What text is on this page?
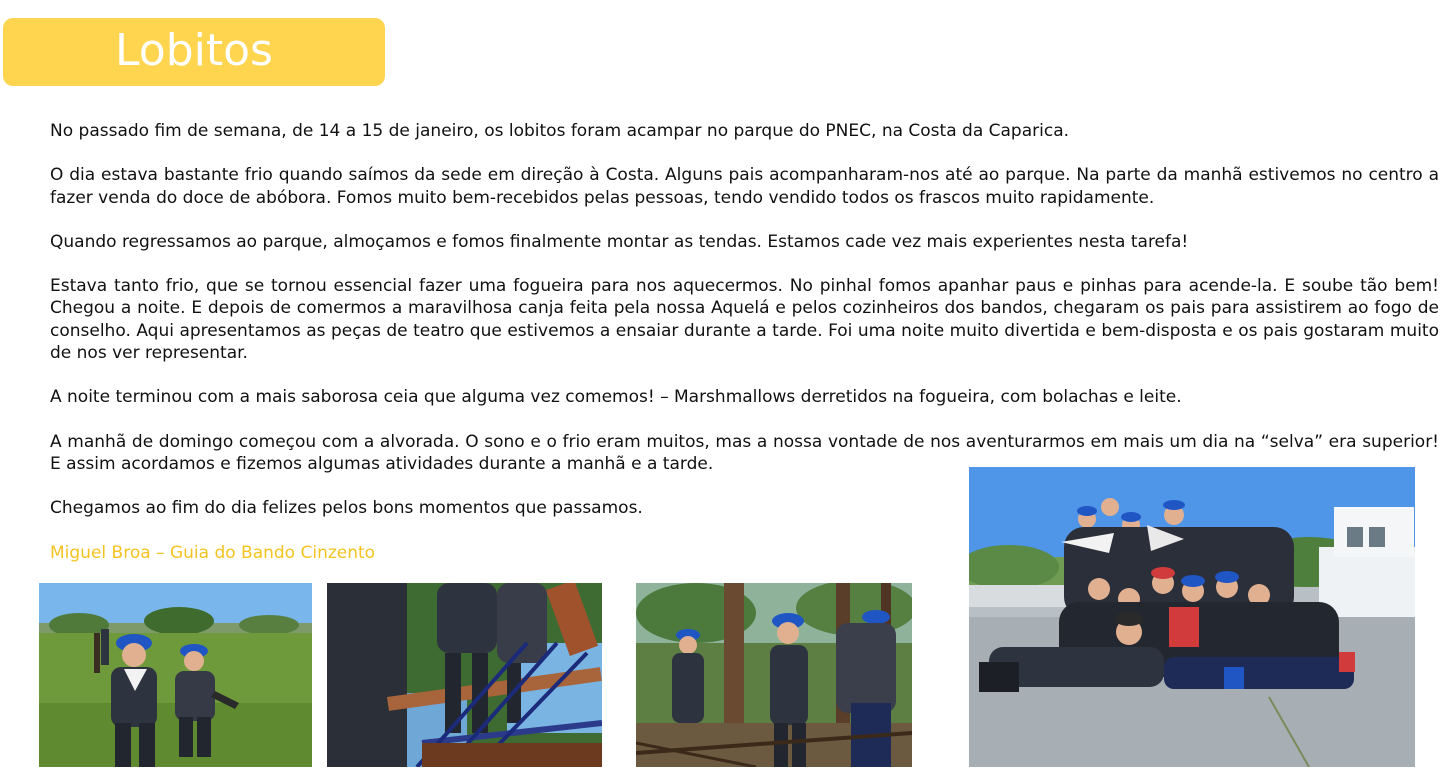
Lobitos

No passado fim de semana, de 14 a 15 de janeiro, os lobitos foram acampar no parque do PNEC, na Costa da Caparica.

O dia estava bastante frio quando saímos da sede em direção à Costa. Alguns pais acompanharam-nos até ao parque. Na parte da manhã estivemos no centro a fazer venda do doce de abóbora. Fomos muito bem-recebidos pelas pessoas, tendo vendido todos os frascos muito rapidamente.

Quando regressamos ao parque, almoçamos e fomos finalmente montar as tendas. Estamos cade vez mais experientes nesta tarefa!

Estava tanto frio, que se tornou essencial fazer uma fogueira para nos aquecermos. No pinhal fomos apanhar paus e pinhas para acende-la. E soube tão bem! Chegou a noite. E depois de comermos a maravilhosa canja feita pela nossa Aquelá e pelos cozinheiros dos bandos, chegaram os pais para assistirem ao fogo de conselho. Aqui apresentamos as peças de teatro que estivemos a ensaiar durante a tarde. Foi uma noite muito divertida e bem-disposta e os pais gostaram muito de nos ver representar.

A noite terminou com a mais saborosa ceia que alguma vez comemos! – Marshmallows derretidos na fogueira, com bolachas e leite.

A manhã de domingo começou com a alvorada. O sono e o frio eram muitos, mas a nossa vontade de nos aventurarmos em mais um dia na “selva” era superior! E assim acordamos e fizemos algumas atividades durante a manhã e a tarde.

Chegamos ao fim do dia felizes pelos bons momentos que passamos.

Miguel Broa – Guia do Bando Cinzento
